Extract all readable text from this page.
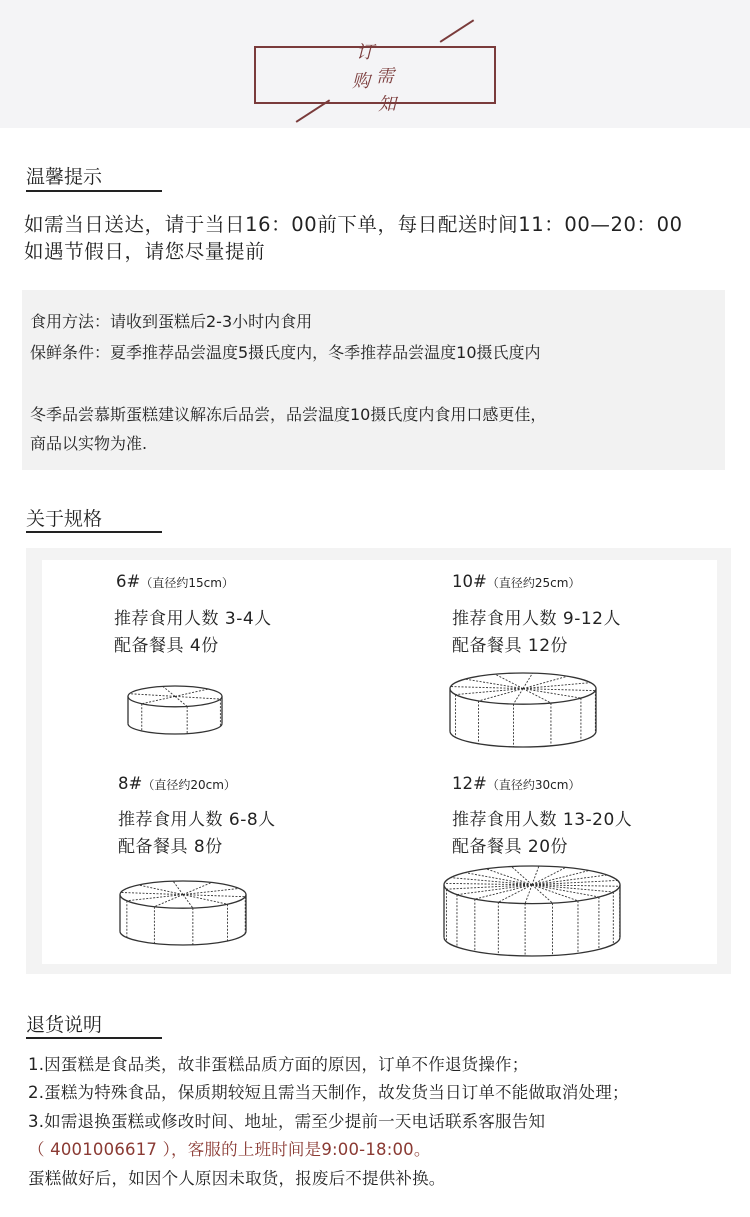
订
购 需
知
温馨提示
如需当日送达，请于当日16：00前下单，每日配送时间11：00—20：00
如遇节假日，请您尽量提前
食用方法：请收到蛋糕后2-3小时内食用
保鲜条件：夏季推荐品尝温度5摄氏度内，冬季推荐品尝温度10摄氏度内
冬季品尝慕斯蛋糕建议解冻后品尝，品尝温度10摄氏度内食用口感更佳，
商品以实物为准.
关于规格
6#（直径约15cm）
推荐食用人数 3-4人
配备餐具 4份
10#（直径约25cm）
推荐食用人数 9-12人
配备餐具 12份
8#（直径约20cm）
推荐食用人数 6-8人
配备餐具 8份
12#（直径约30cm）
推荐食用人数 13-20人
配备餐具 20份
退货说明
1.因蛋糕是食品类，故非蛋糕品质方面的原因，订单不作退货操作；
2.蛋糕为特殊食品，保质期较短且需当天制作，故发货当日订单不能做取消处理；
3.如需退换蛋糕或修改时间、地址，需至少提前一天电话联系客服告知
（ 4001006617 ），客服的上班时间是9:00-18:00。
蛋糕做好后，如因个人原因未取货，报废后不提供补换。
